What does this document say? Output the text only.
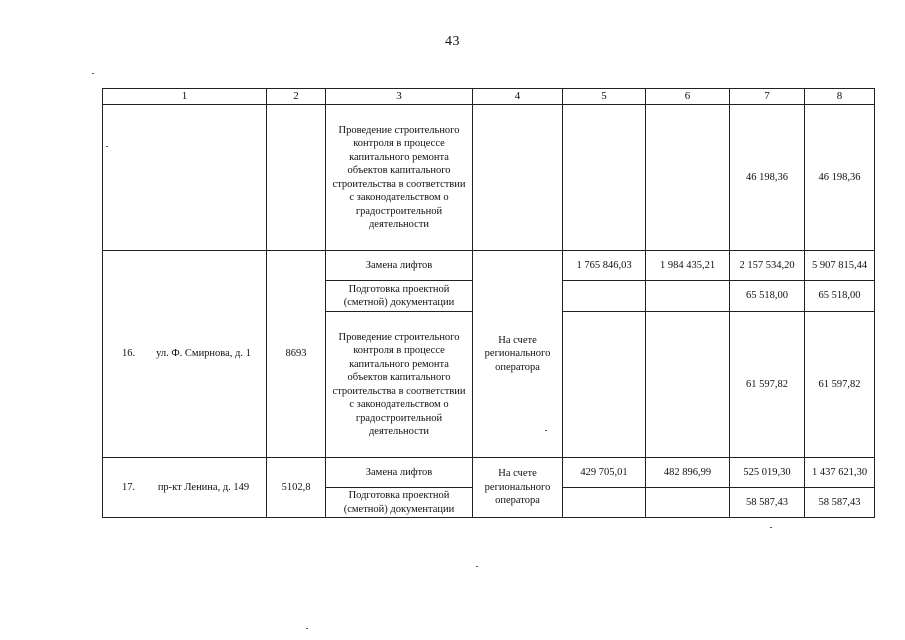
43
1	2	3	4	5	6	7	8
		Проведение строительного контроля в процессе капитального ремонта объектов капитального строительства в соответствии с законодательством о градостроительной деятельности				46 198,36	46 198,36

16. ул. Ф. Смирнова, д. 1	8693	Замена лифтов	На счете регионального оператора	1 765 846,03	1 984 435,21	2 157 534,20	5 907 815,44
		Подготовка проектной (сметной) документации				65 518,00	65 518,00
		Проведение строительного контроля в процессе капитального ремонта объектов капитального строительства в соответствии с законодательством о градостроительной деятельности				61 597,82	61 597,82

17. пр-кт Ленина, д. 149	5102,8	Замена лифтов	На счете регионального оператора	429 705,01	482 896,99	525 019,30	1 437 621,30
		Подготовка проектной (сметной) документации				58 587,43	58 587,43
